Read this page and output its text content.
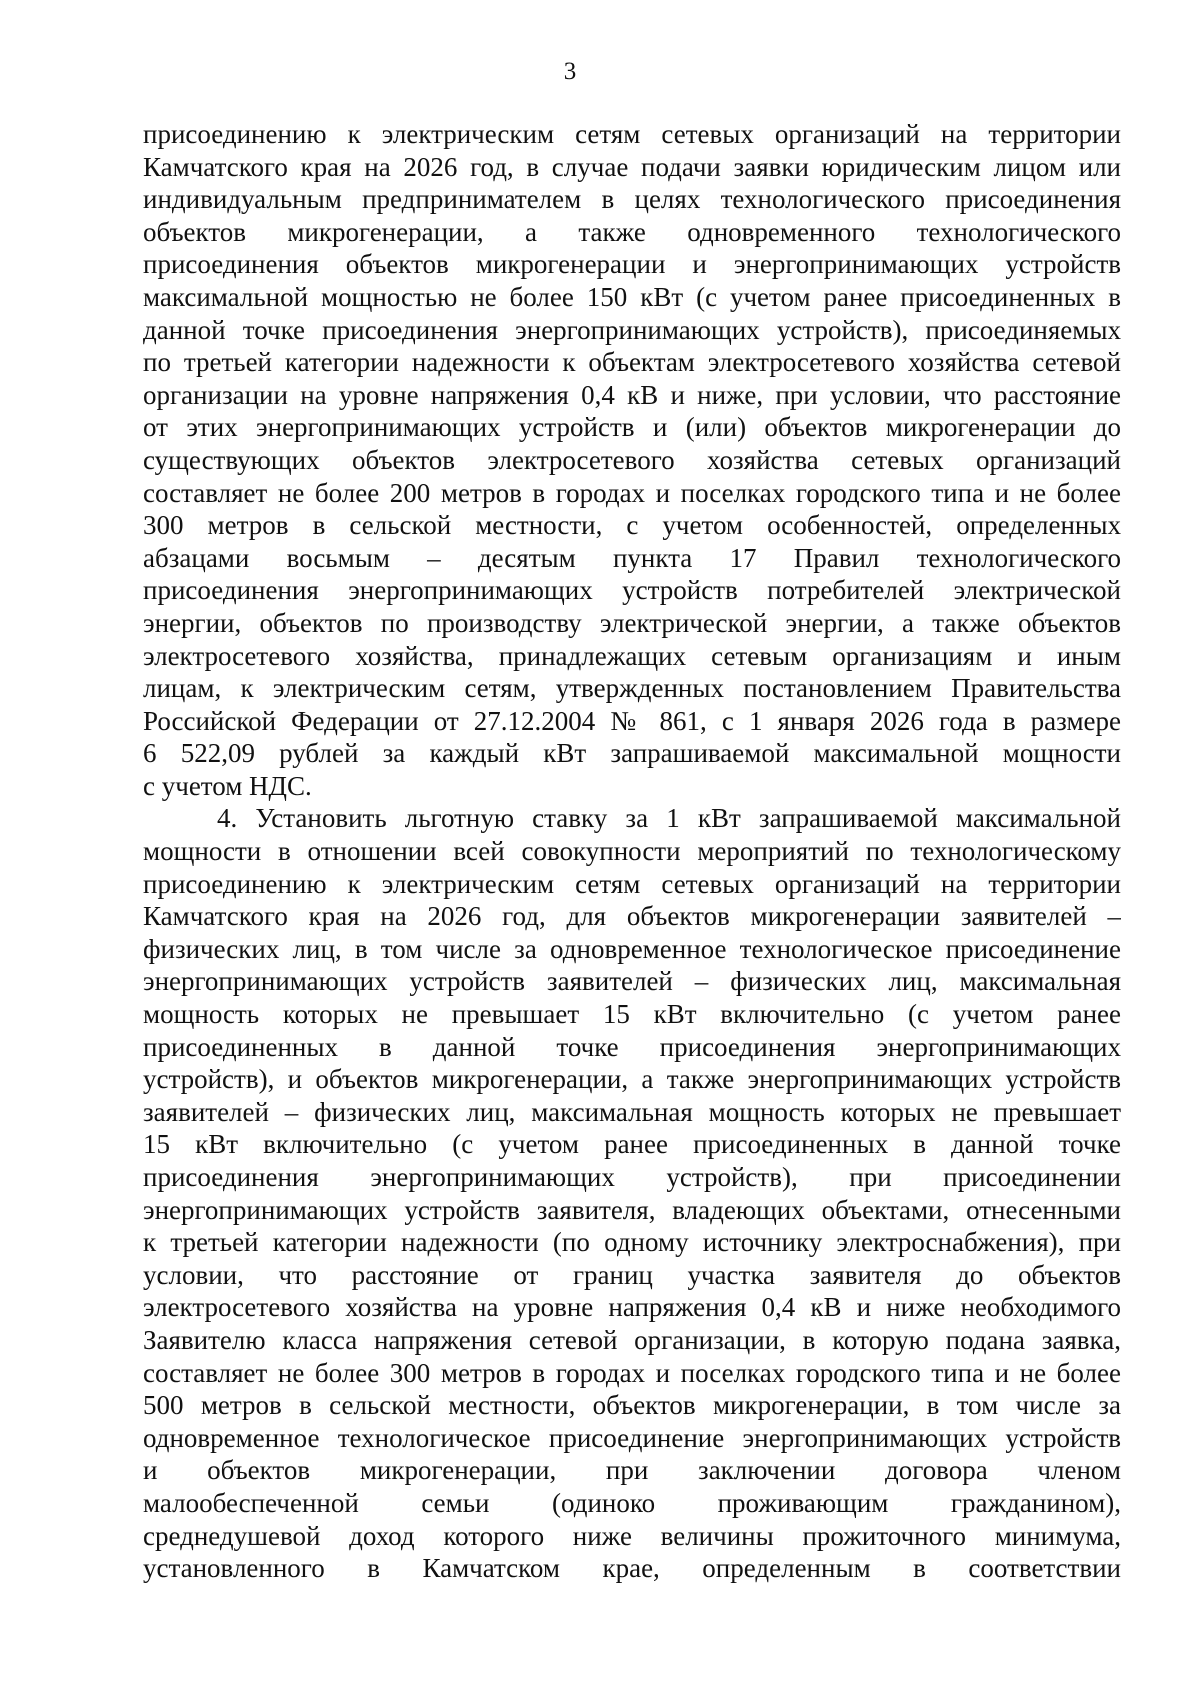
3
присоединению к электрическим сетям сетевых организаций на территории
Камчатского края на 2026 год, в случае подачи заявки юридическим лицом или
индивидуальным предпринимателем в целях технологического присоединения
объектов микрогенерации, а также одновременного технологического
присоединения объектов микрогенерации и энергопринимающих устройств
максимальной мощностью не более 150 кВт (с учетом ранее присоединенных в
данной точке присоединения энергопринимающих устройств), присоединяемых
по третьей категории надежности к объектам электросетевого хозяйства сетевой
организации на уровне напряжения 0,4 кВ и ниже, при условии, что расстояние
от этих энергопринимающих устройств и (или) объектов микрогенерации до
существующих объектов электросетевого хозяйства сетевых организаций
составляет не более 200 метров в городах и поселках городского типа и не более
300 метров в сельской местности, с учетом особенностей, определенных
абзацами восьмым – десятым пункта 17 Правил технологического
присоединения энергопринимающих устройств потребителей электрической
энергии, объектов по производству электрической энергии, а также объектов
электросетевого хозяйства, принадлежащих сетевым организациям и иным
лицам, к электрическим сетям, утвержденных постановлением Правительства
Российской Федерации от 27.12.2004 № 861, с 1 января 2026 года в размере
6 522,09 рублей за каждый кВт запрашиваемой максимальной мощности
с учетом НДС.
4. Установить льготную ставку за 1 кВт запрашиваемой максимальной
мощности в отношении всей совокупности мероприятий по технологическому
присоединению к электрическим сетям сетевых организаций на территории
Камчатского края на 2026 год, для объектов микрогенерации заявителей –
физических лиц, в том числе за одновременное технологическое присоединение
энергопринимающих устройств заявителей – физических лиц, максимальная
мощность которых не превышает 15 кВт включительно (с учетом ранее
присоединенных в данной точке присоединения энергопринимающих
устройств), и объектов микрогенерации, а также энергопринимающих устройств
заявителей – физических лиц, максимальная мощность которых не превышает
15 кВт включительно (с учетом ранее присоединенных в данной точке
присоединения энергопринимающих устройств), при присоединении
энергопринимающих устройств заявителя, владеющих объектами, отнесенными
к третьей категории надежности (по одному источнику электроснабжения), при
условии, что расстояние от границ участка заявителя до объектов
электросетевого хозяйства на уровне напряжения 0,4 кВ и ниже необходимого
Заявителю класса напряжения сетевой организации, в которую подана заявка,
составляет не более 300 метров в городах и поселках городского типа и не более
500 метров в сельской местности, объектов микрогенерации, в том числе за
одновременное технологическое присоединение энергопринимающих устройств
и объектов микрогенерации, при заключении договора членом
малообеспеченной семьи (одиноко проживающим гражданином),
среднедушевой доход которого ниже величины прожиточного минимума,
установленного в Камчатском крае, определенным в соответствии
